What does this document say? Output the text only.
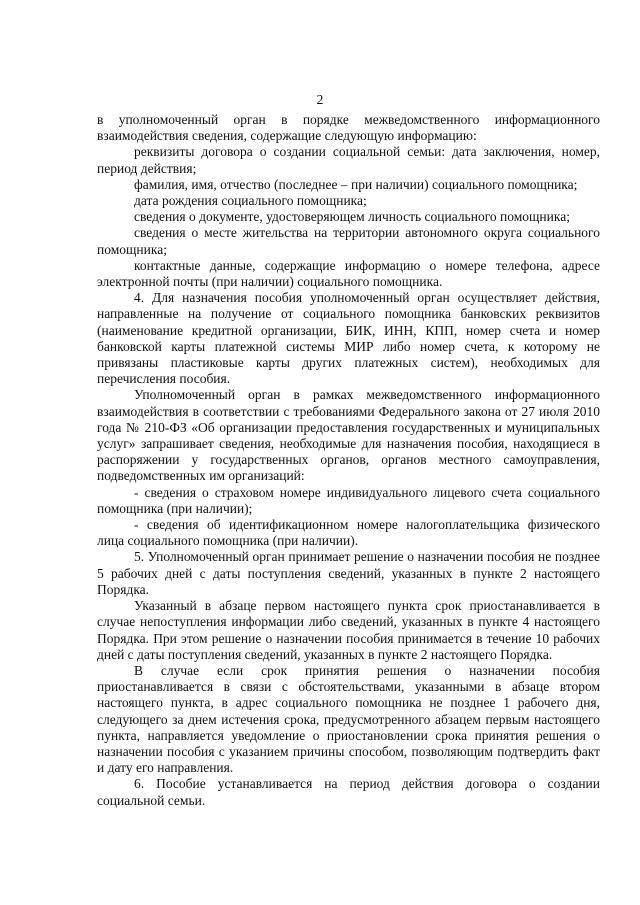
2

в уполномоченный орган в порядке межведомственного информационного взаимодействия сведения, содержащие следующую информацию:

реквизиты договора о создании социальной семьи: дата заключения, номер, период действия;

фамилия, имя, отчество (последнее – при наличии) социального помощника;

дата рождения социального помощника;

сведения о документе, удостоверяющем личность социального помощника;

сведения о месте жительства на территории автономного округа социального помощника;

контактные данные, содержащие информацию о номере телефона, адресе электронной почты (при наличии) социального помощника.

4. Для назначения пособия уполномоченный орган осуществляет действия, направленные на получение от социального помощника банковских реквизитов (наименование кредитной организации, БИК, ИНН, КПП, номер счета и номер банковской карты платежной системы МИР либо номер счета, к которому не привязаны пластиковые карты других платежных систем), необходимых для перечисления пособия.

Уполномоченный орган в рамках межведомственного информационного взаимодействия в соответствии с требованиями Федерального закона от 27 июля 2010 года № 210-ФЗ «Об организации предоставления государственных и муниципальных услуг» запрашивает сведения, необходимые для назначения пособия, находящиеся в распоряжении у государственных органов, органов местного самоуправления, подведомственных им организаций:

- сведения о страховом номере индивидуального лицевого счета социального помощника (при наличии);

- сведения об идентификационном номере налогоплательщика физического лица социального помощника (при наличии).

5. Уполномоченный орган принимает решение о назначении пособия не позднее 5 рабочих дней с даты поступления сведений, указанных в пункте 2 настоящего Порядка.

Указанный в абзаце первом настоящего пункта срок приостанавливается в случае непоступления информации либо сведений, указанных в пункте 4 настоящего Порядка. При этом решение о назначении пособия принимается в течение 10 рабочих дней с даты поступления сведений, указанных в пункте 2 настоящего Порядка.

В случае если срок принятия решения о назначении пособия приостанавливается в связи с обстоятельствами, указанными в абзаце втором настоящего пункта, в адрес социального помощника не позднее 1 рабочего дня, следующего за днем истечения срока, предусмотренного абзацем первым настоящего пункта, направляется уведомление о приостановлении срока принятия решения о назначении пособия с указанием причины способом, позволяющим подтвердить факт и дату его направления.

6. Пособие устанавливается на период действия договора о создании социальной семьи.
